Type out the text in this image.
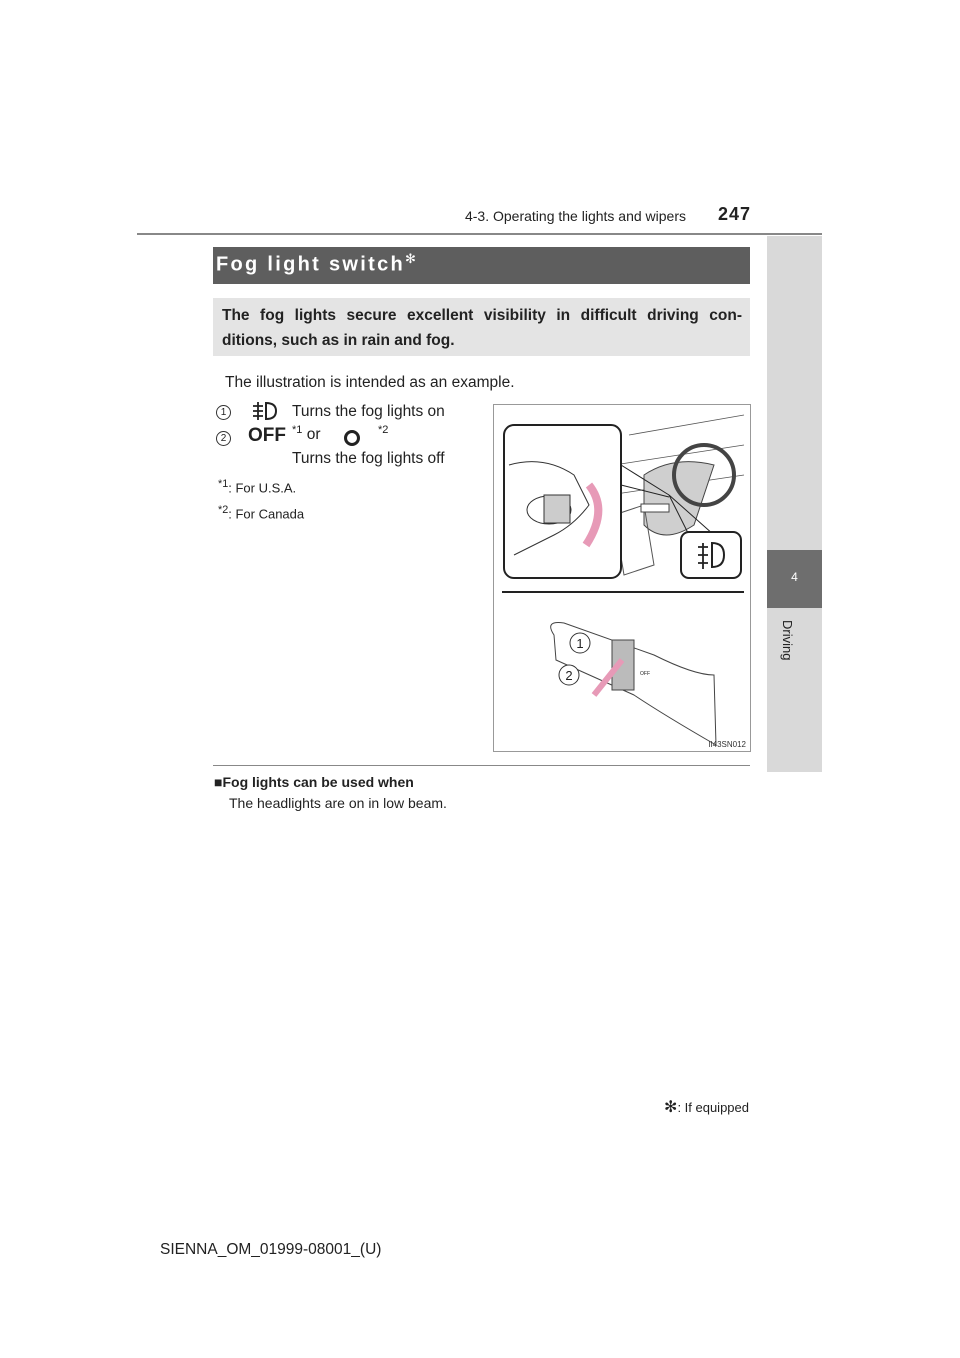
4-3. Operating the lights and wipers 247
4
Driving
Fog light switch✻
The fog lights secure excellent visibility in difficult driving con- ditions, such as in rain and fog.
The illustration is intended as an example.
1	Turns the fog lights on
2 OFF $^{*1}$ or	*2
Turns the fog lights off
$^{*1}$: For U.S.A.
$^{*2}$: For Canada
1
2	OFF
II43SN012
■Fog lights can be used when
The headlights are on in low beam.
✻: If equipped
SIENNA_OM_01999-08001_(U)
